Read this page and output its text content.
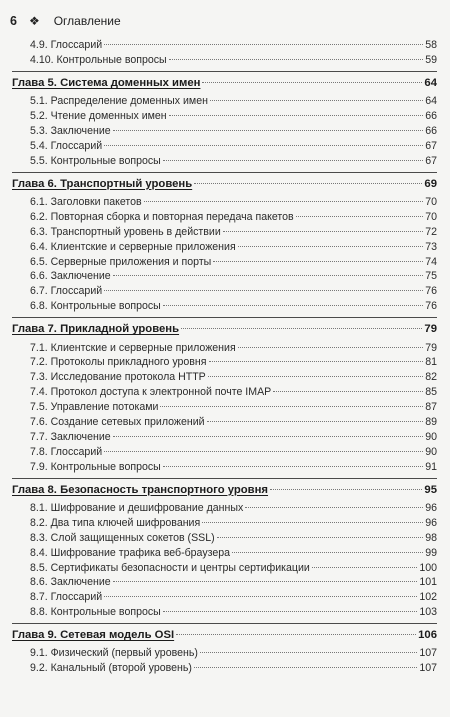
6 ❖ Оглавление
4.9. Глоссарий	58
4.10. Контрольные вопросы	59
Глава 5. Система доменных имен	64
5.1. Распределение доменных имен	64
5.2. Чтение доменных имен	66
5.3. Заключение	66
5.4. Глоссарий	67
5.5. Контрольные вопросы	67
Глава 6. Транспортный уровень	69
6.1. Заголовки пакетов	70
6.2. Повторная сборка и повторная передача пакетов	70
6.3. Транспортный уровень в действии	72
6.4. Клиентские и серверные приложения	73
6.5. Серверные приложения и порты	74
6.6. Заключение	75
6.7. Глоссарий	76
6.8. Контрольные вопросы	76
Глава 7. Прикладной уровень	79
7.1. Клиентские и серверные приложения	79
7.2. Протоколы прикладного уровня	81
7.3. Исследование протокола HTTP	82
7.4. Протокол доступа к электронной почте IMAP	85
7.5. Управление потоками	87
7.6. Создание сетевых приложений	89
7.7. Заключение	90
7.8. Глоссарий	90
7.9. Контрольные вопросы	91
Глава 8. Безопасность транспортного уровня	95
8.1. Шифрование и дешифрование данных	96
8.2. Два типа ключей шифрования	96
8.3. Слой защищенных сокетов (SSL)	98
8.4. Шифрование трафика веб-браузера	99
8.5. Сертификаты безопасности и центры сертификации	100
8.6. Заключение	101
8.7. Глоссарий	102
8.8. Контрольные вопросы	103
Глава 9. Сетевая модель OSI	106
9.1. Физический (первый уровень)	107
9.2. Канальный (второй уровень)	107
